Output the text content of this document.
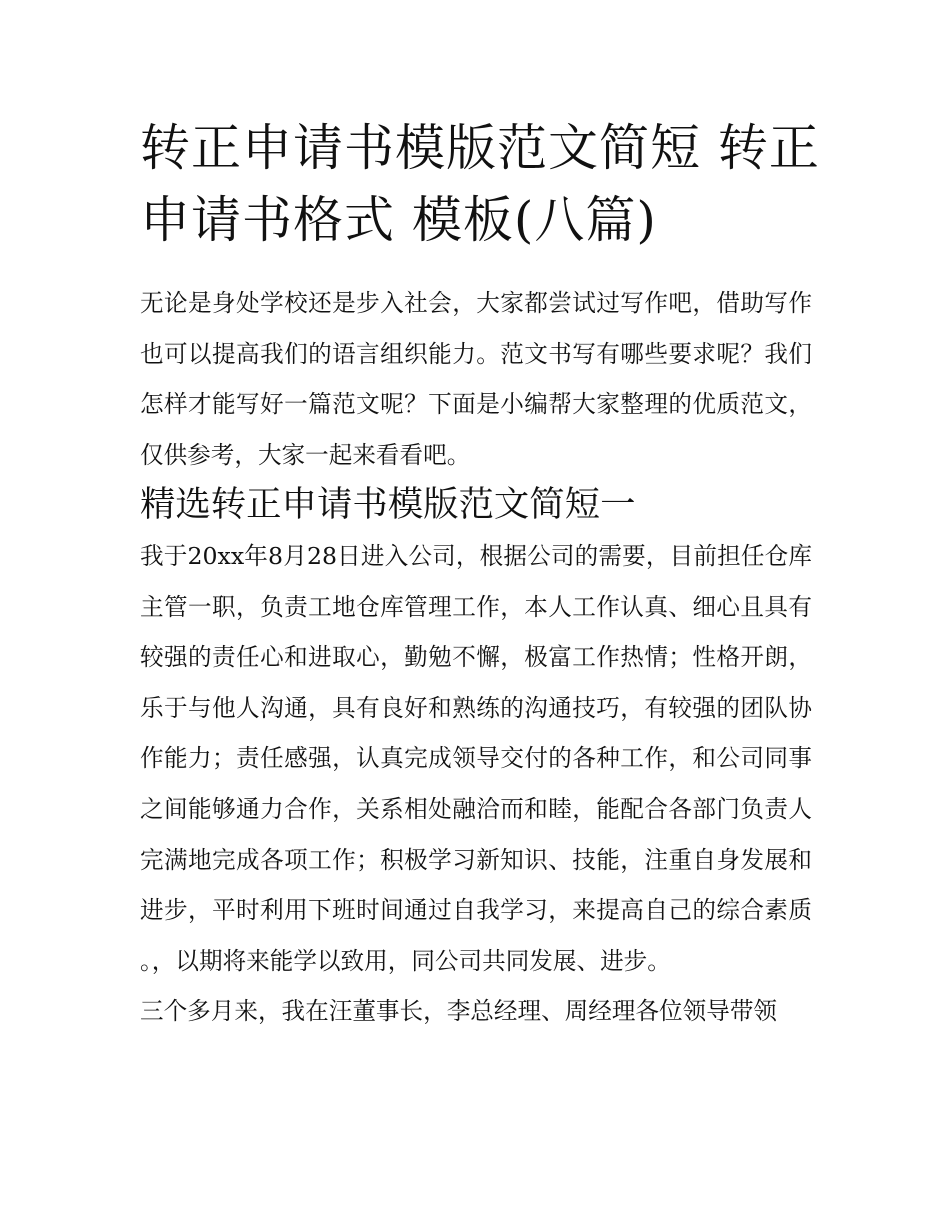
转正申请书模版范文简短 转正
申请书格式 模板(八篇)

无论是身处学校还是步入社会，大家都尝试过写作吧，借助写作也可以提高我们的语言组织能力。范文书写有哪些要求呢？我们怎样才能写好一篇范文呢？下面是小编帮大家整理的优质范文，仅供参考，大家一起来看看吧。

精选转正申请书模版范文简短一

我于20xx年8月28日进入公司，根据公司的需要，目前担任仓库主管一职，负责工地仓库管理工作，本人工作认真、细心且具有较强的责任心和进取心，勤勉不懈，极富工作热情；性格开朗，乐于与他人沟通，具有良好和熟练的沟通技巧，有较强的团队协作能力；责任感强，认真完成领导交付的各种工作，和公司同事之间能够通力合作，关系相处融洽而和睦，能配合各部门负责人完满地完成各项工作；积极学习新知识、技能，注重自身发展和进步，平时利用下班时间通过自我学习，来提高自己的综合素质。，以期将来能学以致用，同公司共同发展、进步。

三个多月来，我在汪董事长，李总经理、周经理各位领导带领
